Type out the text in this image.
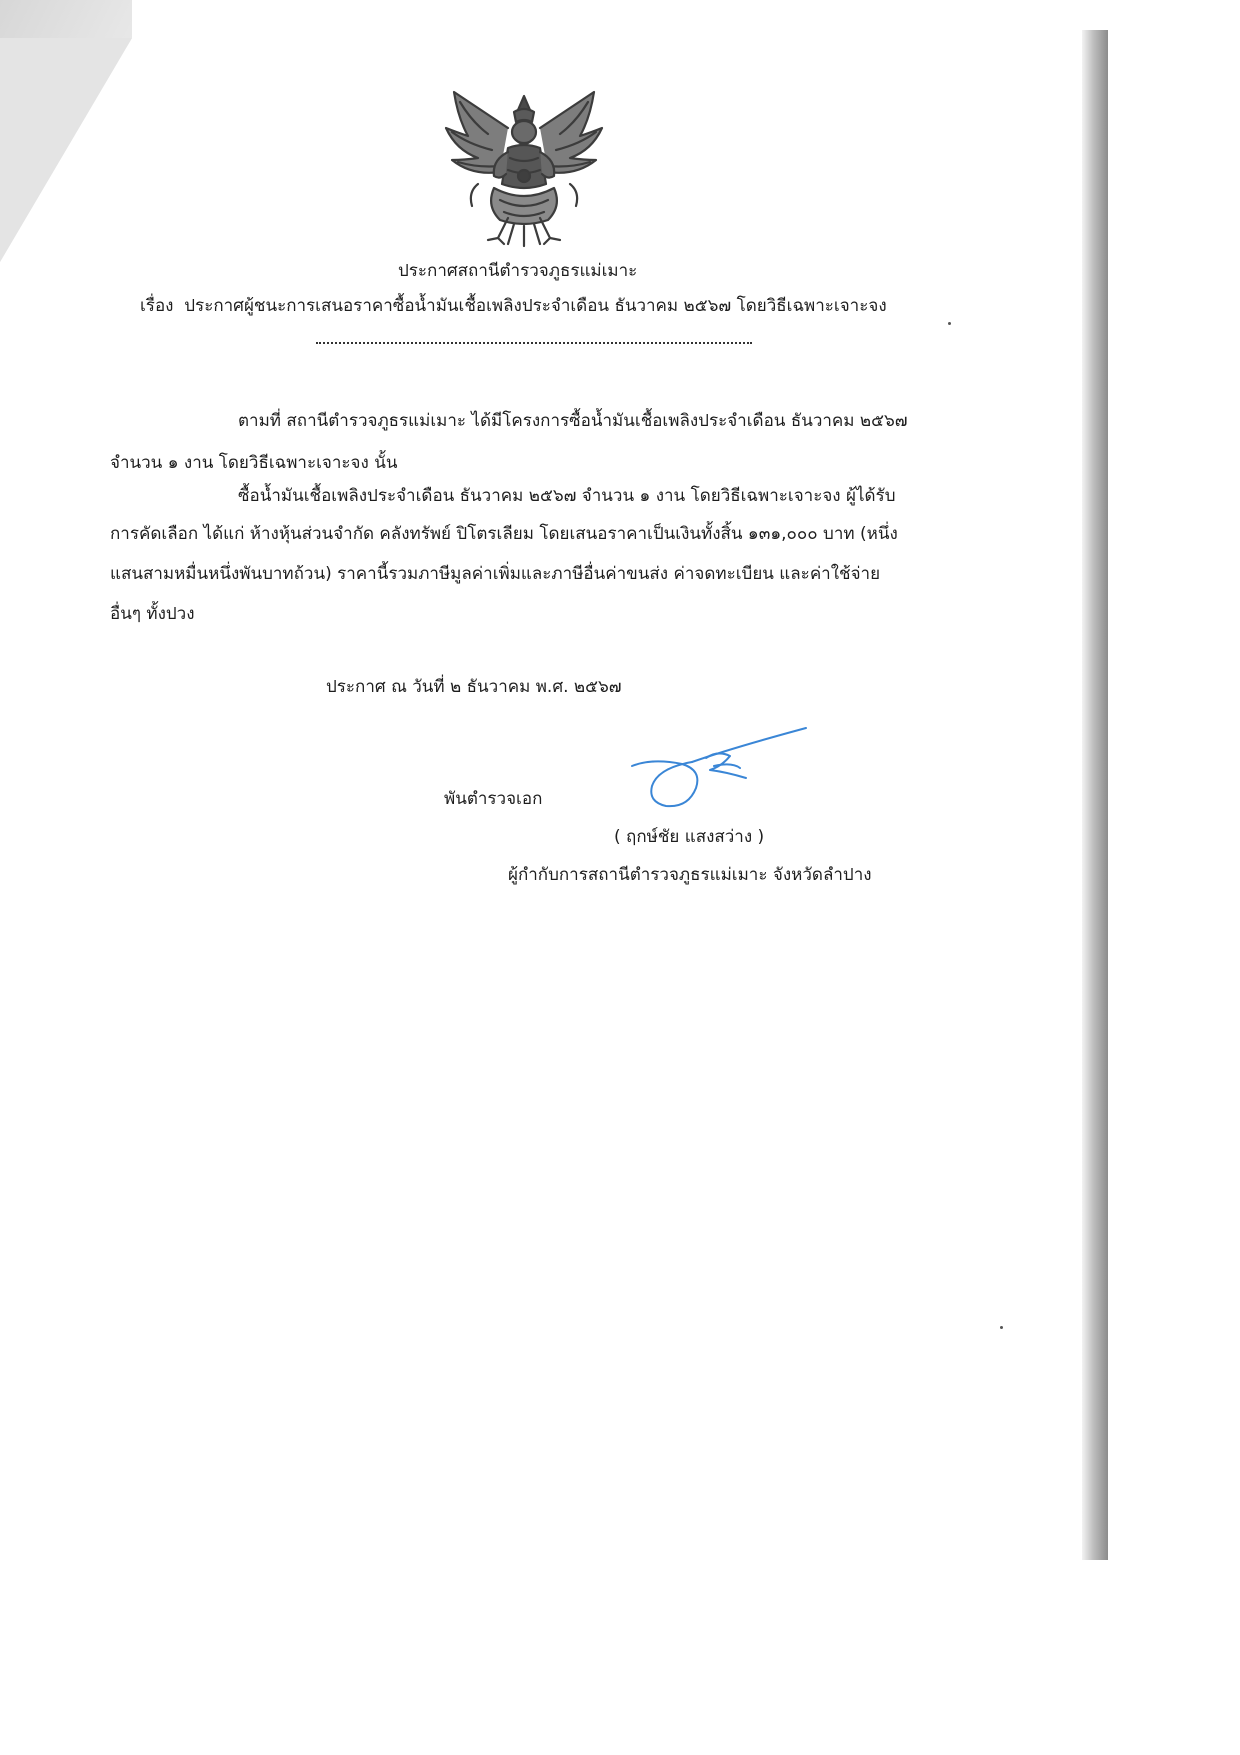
ประกาศสถานีตำรวจภูธรแม่เมาะ
เรื่อง ประกาศผู้ชนะการเสนอราคาซื้อน้ำมันเชื้อเพลิงประจำเดือน ธันวาคม ๒๕๖๗ โดยวิธีเฉพาะเจาะจง
ตามที่ สถานีตำรวจภูธรแม่เมาะ ได้มีโครงการซื้อน้ำมันเชื้อเพลิงประจำเดือน ธันวาคม ๒๕๖๗
จำนวน ๑ งาน โดยวิธีเฉพาะเจาะจง นั้น
ซื้อน้ำมันเชื้อเพลิงประจำเดือน ธันวาคม ๒๕๖๗ จำนวน ๑ งาน โดยวิธีเฉพาะเจาะจง ผู้ได้รับ
การคัดเลือก ได้แก่ ห้างหุ้นส่วนจำกัด คลังทรัพย์ ปิโตรเลียม โดยเสนอราคาเป็นเงินทั้งสิ้น ๑๓๑,๐๐๐ บาท (หนึ่ง
แสนสามหมื่นหนึ่งพันบาทถ้วน) ราคานี้รวมภาษีมูลค่าเพิ่มและภาษีอื่นค่าขนส่ง ค่าจดทะเบียน และค่าใช้จ่าย
อื่นๆ ทั้งปวง
ประกาศ ณ วันที่ ๒ ธันวาคม พ.ศ. ๒๕๖๗
พันตำรวจเอก
( ฤกษ์ชัย แสงสว่าง )
ผู้กำกับการสถานีตำรวจภูธรแม่เมาะ จังหวัดลำปาง
